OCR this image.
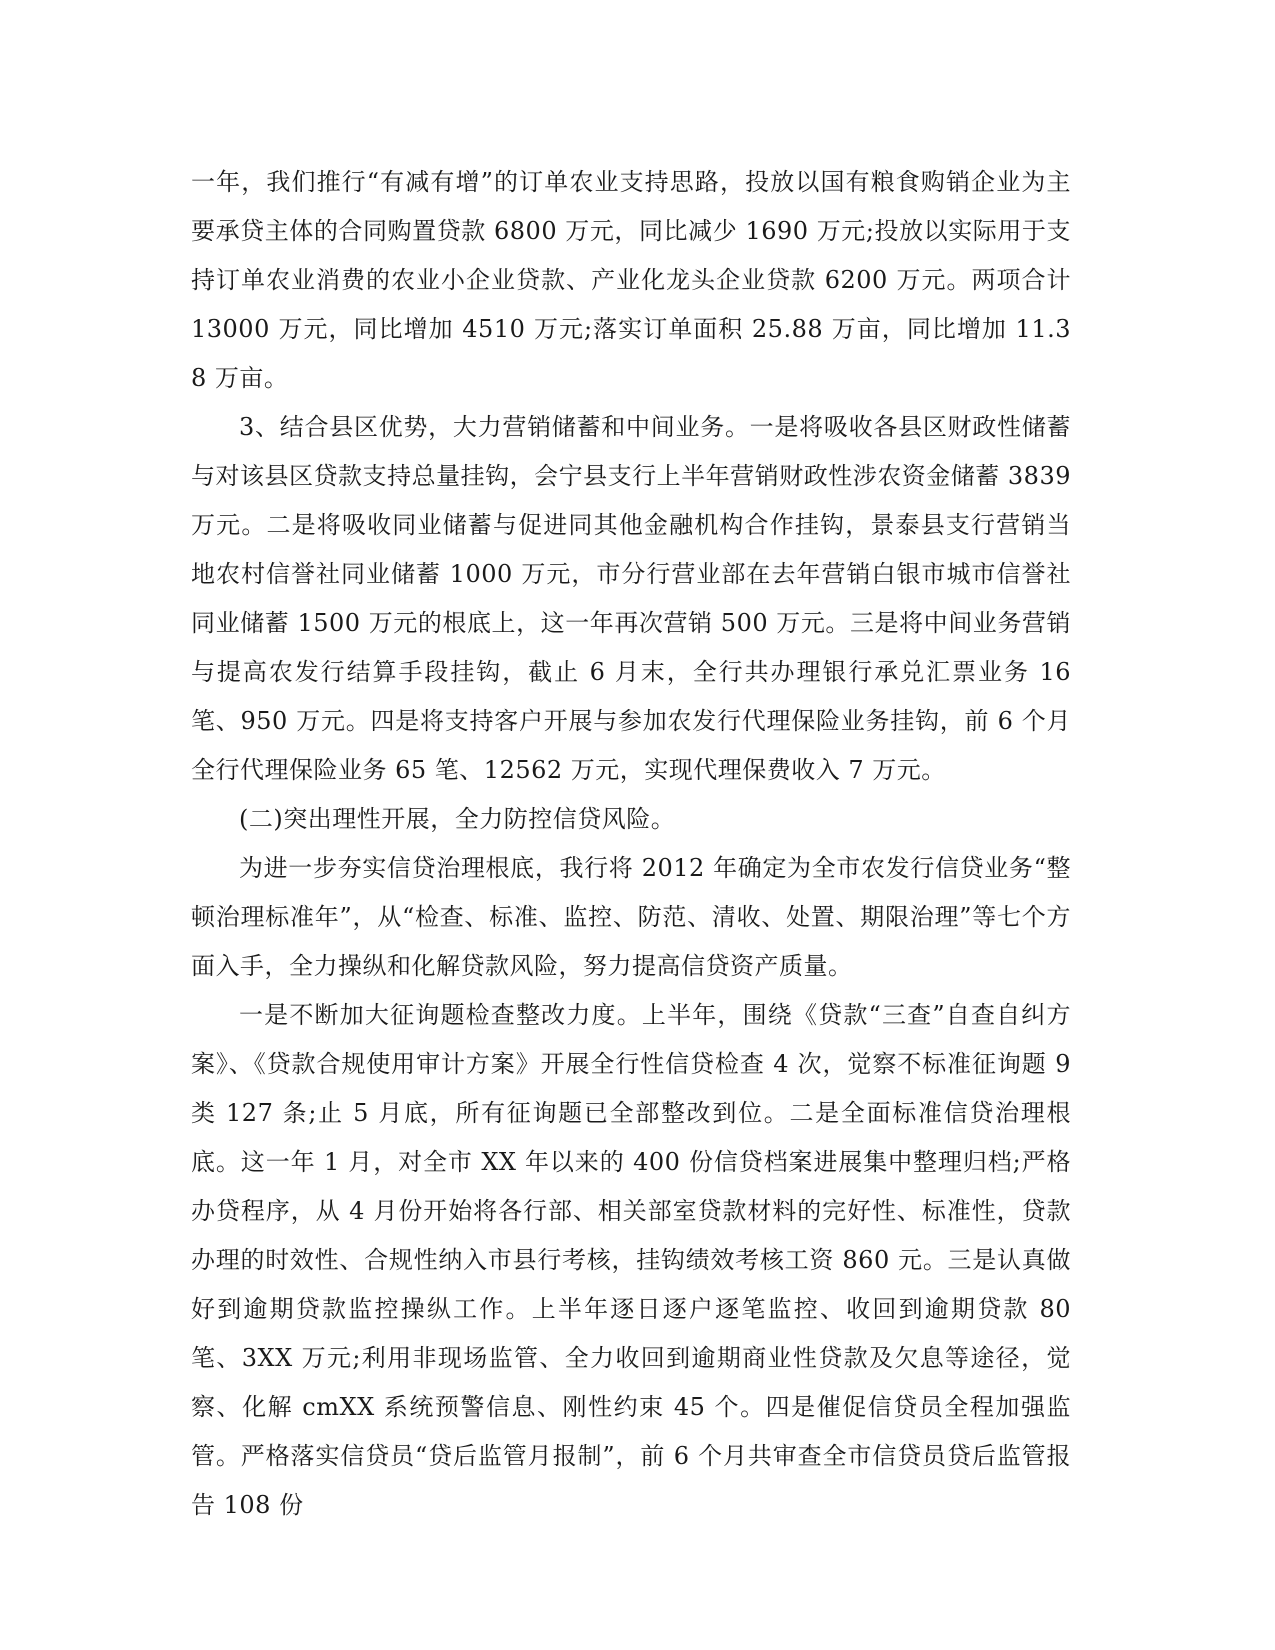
一年，我们推行“有减有增”的订单农业支持思路，投放以国有粮食购销企业为主要承贷主体的合同购置贷款 6800 万元，同比减少 1690 万元;投放以实际用于支持订单农业消费的农业小企业贷款、产业化龙头企业贷款 6200 万元。两项合计 13000 万元，同比增加 4510 万元;落实订单面积 25.88 万亩，同比增加 11.38 万亩。

3、结合县区优势，大力营销储蓄和中间业务。一是将吸收各县区财政性储蓄与对该县区贷款支持总量挂钩，会宁县支行上半年营销财政性涉农资金储蓄 3839 万元。二是将吸收同业储蓄与促进同其他金融机构合作挂钩，景泰县支行营销当地农村信誉社同业储蓄 1000 万元，市分行营业部在去年营销白银市城市信誉社同业储蓄 1500 万元的根底上，这一年再次营销 500 万元。三是将中间业务营销与提高农发行结算手段挂钩，截止 6 月末，全行共办理银行承兑汇票业务 16 笔、950 万元。四是将支持客户开展与参加农发行代理保险业务挂钩，前 6 个月全行代理保险业务 65 笔、12562 万元，实现代理保费收入 7 万元。

(二)突出理性开展，全力防控信贷风险。

为进一步夯实信贷治理根底，我行将 2012 年确定为全市农发行信贷业务“整顿治理标准年”，从“检查、标准、监控、防范、清收、处置、期限治理”等七个方面入手，全力操纵和化解贷款风险，努力提高信贷资产质量。

一是不断加大征询题检查整改力度。上半年，围绕《贷款“三查”自查自纠方案》、《贷款合规使用审计方案》开展全行性信贷检查 4 次，觉察不标准征询题 9 类 127 条;止 5 月底，所有征询题已全部整改到位。二是全面标准信贷治理根底。这一年 1 月，对全市 XX 年以来的 400 份信贷档案进展集中整理归档;严格办贷程序，从 4 月份开始将各行部、相关部室贷款材料的完好性、标准性，贷款办理的时效性、合规性纳入市县行考核，挂钩绩效考核工资 860 元。三是认真做好到逾期贷款监控操纵工作。上半年逐日逐户逐笔监控、收回到逾期贷款 80 笔、3XX 万元;利用非现场监管、全力收回到逾期商业性贷款及欠息等途径，觉察、化解 cmXX 系统预警信息、刚性约束 45 个。四是催促信贷员全程加强监管。严格落实信贷员“贷后监管月报制”，前 6 个月共审查全市信贷员贷后监管报告 108 份
